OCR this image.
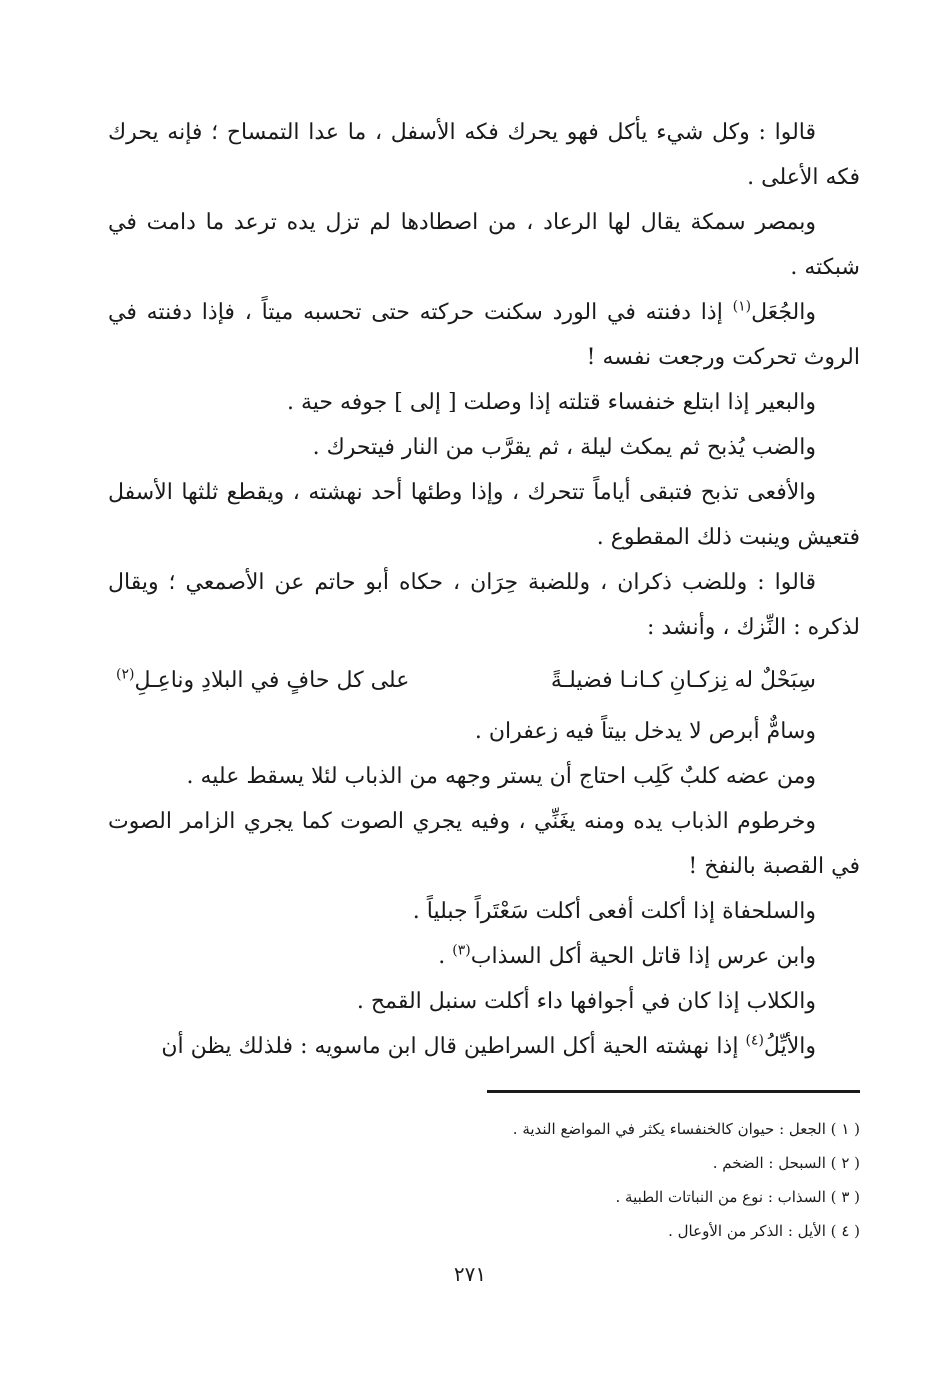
قالوا : وكل شيء يأكل فهو يحرك فكه الأسفل ، ما عدا التمساح ؛ فإنه يحرك فكه الأعلى .

وبمصر سمكة يقال لها الرعاد ، من اصطادها لم تزل يده ترعد ما دامت في شبكته .

والجُعَل$^{(١)}$ إذا دفنته في الورد سكنت حركته حتى تحسبه ميتاً ، فإذا دفنته في الروث تحركت ورجعت نفسه !

والبعير إذا ابتلع خنفساء قتلته إذا وصلت [ إلى ] جوفه حية .

والضب يُذبح ثم يمكث ليلة ، ثم يقرَّب من النار فيتحرك .

والأفعى تذبح فتبقى أياماً تتحرك ، وإذا وطئها أحد نهشته ، ويقطع ثلثها الأسفل فتعيش وينبت ذلك المقطوع .

قالوا : وللضب ذكران ، وللضبة حِرَان ، حكاه أبو حاتم عن الأصمعي ؛ ويقال لذكره : النِّزك ، وأنشد :

سِبَحْلٌ له نِزكـانِ كـانـا فضيلـةً
على كل حافٍ في البلادِ وناعِـلِ$^{(٢)}$

وسامٌّ أبرص لا يدخل بيتاً فيه زعفران .

ومن عضه كلبٌ كَلِب احتاج أن يستر وجهه من الذباب لئلا يسقط عليه .

وخرطوم الذباب يده ومنه يغَنِّي ، وفيه يجري الصوت كما يجري الزامر الصوت في القصبة بالنفخ !

والسلحفاة إذا أكلت أفعى أكلت سَعْتَراً جبلياً .

وابن عرس إذا قاتل الحية أكل السذاب$^{(٣)}$ .

والكلاب إذا كان في أجوافها داء أكلت سنبل القمح .

والأيِّلُ$^{(٤)}$ إذا نهشته الحية أكل السراطين قال ابن ماسويه : فلذلك يظن أن

( ١ ) الجعل : حيوان كالخنفساء يكثر في المواضع الندية .

( ٢ ) السبحل : الضخم .

( ٣ ) السذاب : نوع من النباتات الطبية .

( ٤ ) الأيل : الذكر من الأوعال .

٢٧١
